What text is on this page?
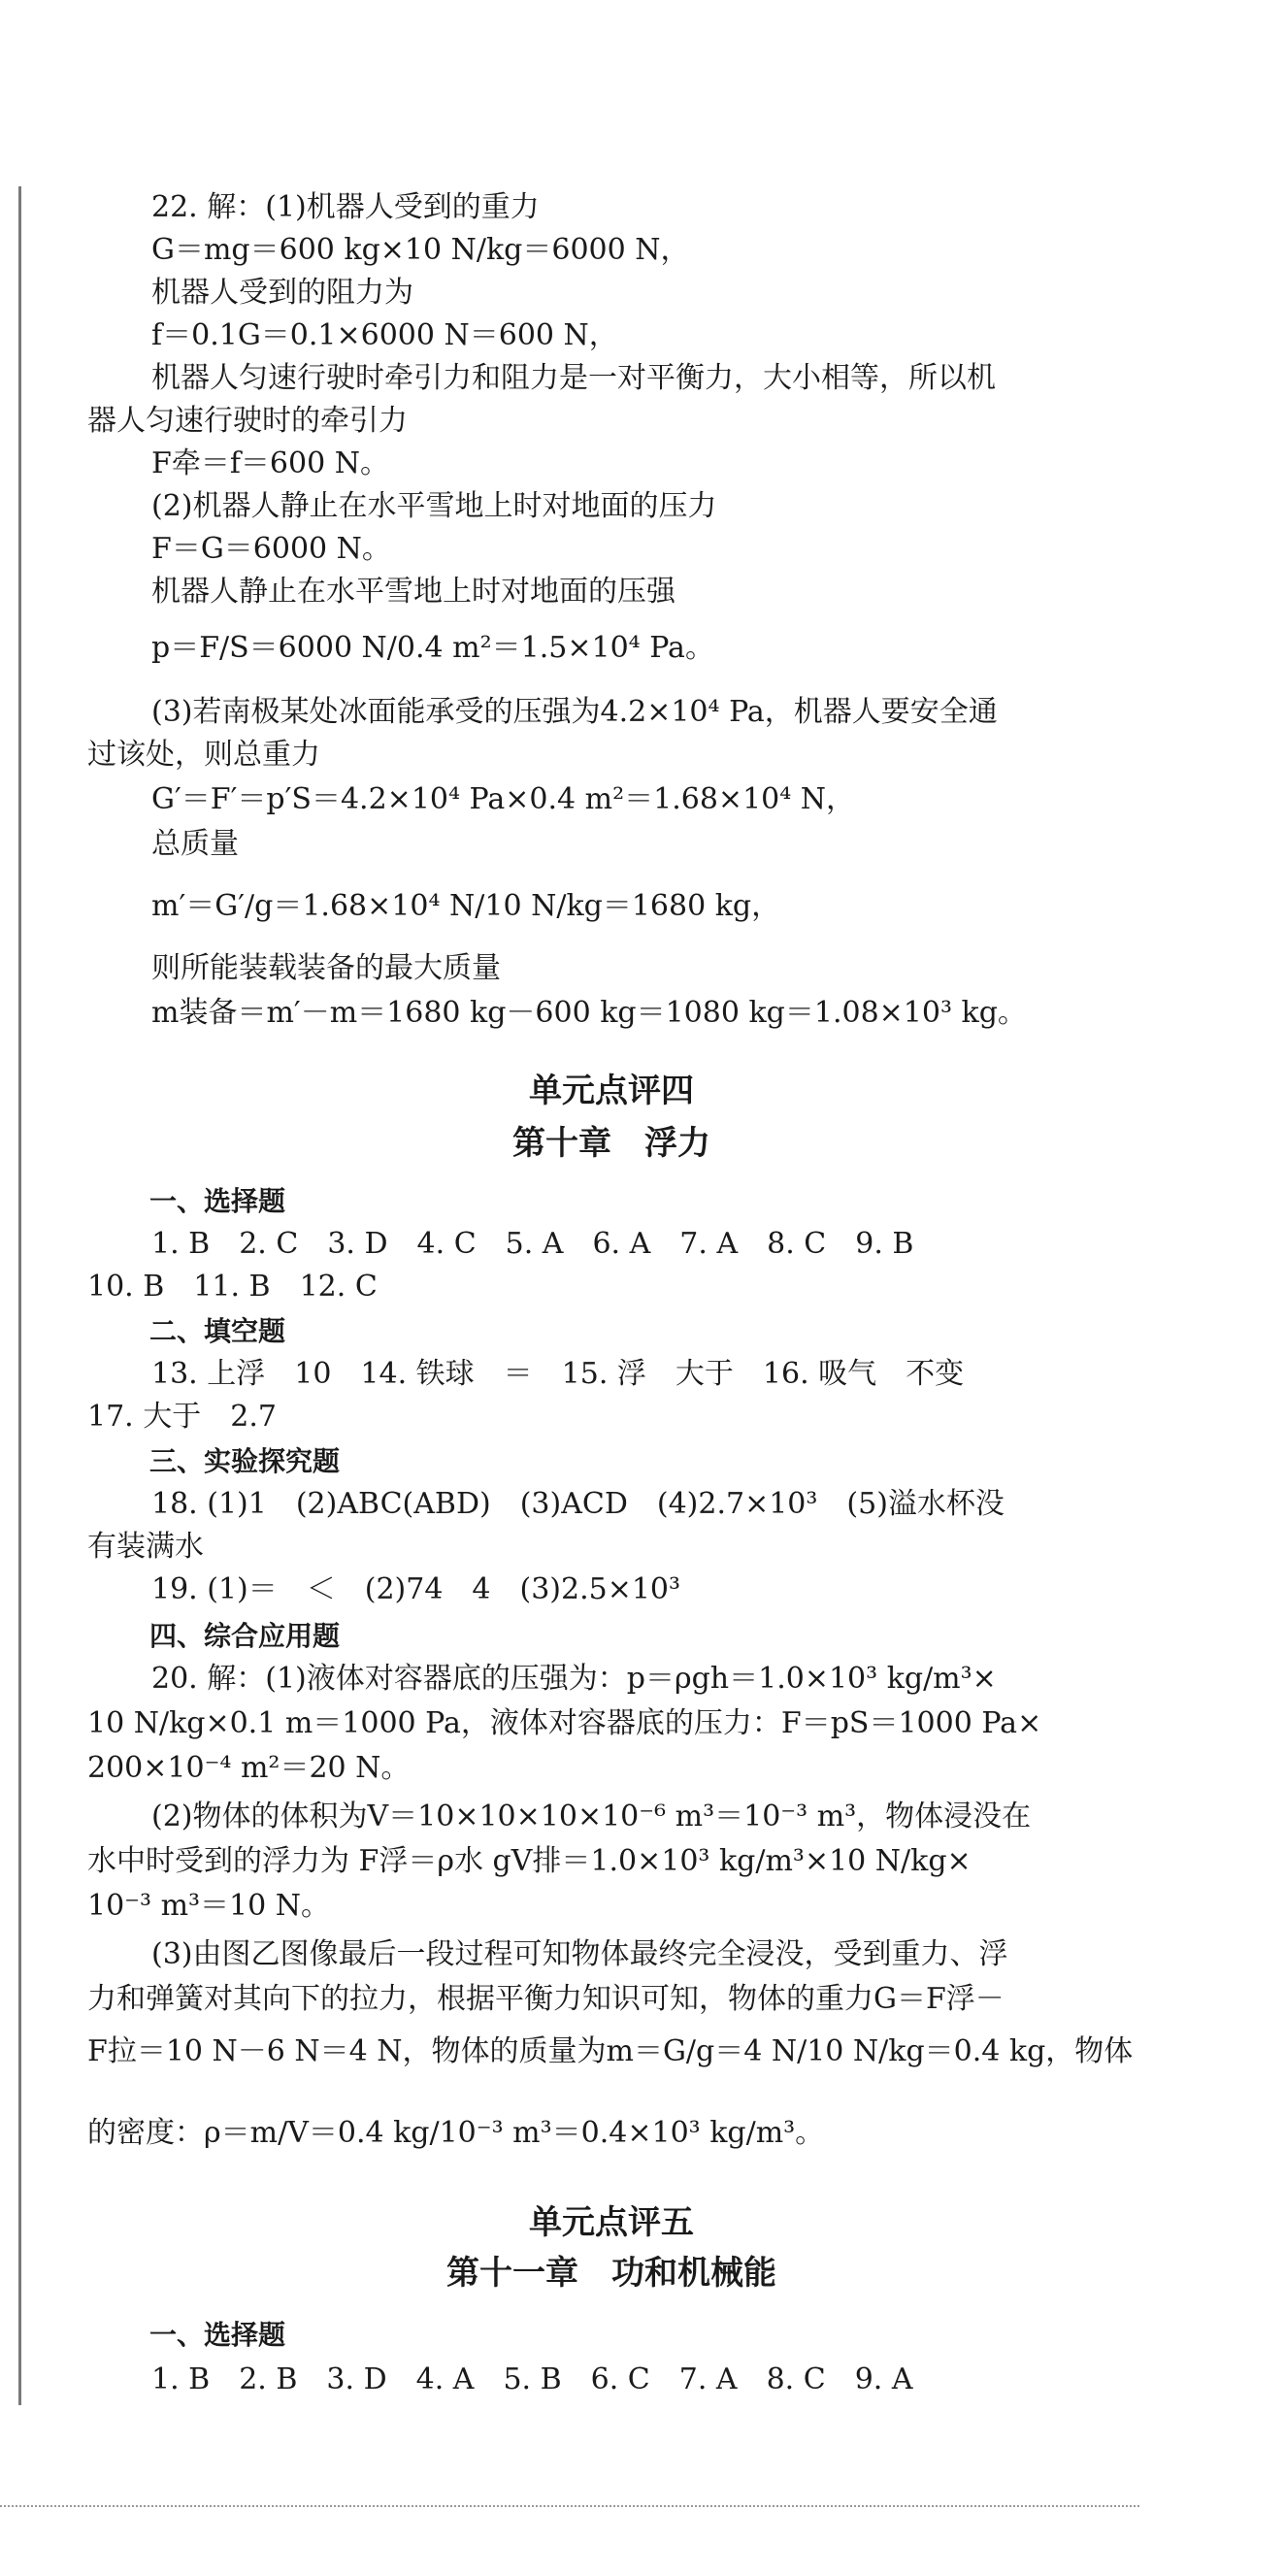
22. 解：(1)机器人受到的重力
G＝mg＝600 kg×10 N/kg＝6000 N，
机器人受到的阻力为
f＝0.1G＝0.1×6000 N＝600 N，
机器人匀速行驶时牵引力和阻力是一对平衡力，大小相等，所以机
器人匀速行驶时的牵引力
F牵＝f＝600 N。
(2)机器人静止在水平雪地上时对地面的压力
F＝G＝6000 N。
机器人静止在水平雪地上时对地面的压强
p＝F/S＝6000 N/0.4 m²＝1.5×10⁴ Pa。
(3)若南极某处冰面能承受的压强为4.2×10⁴ Pa，机器人要安全通
过该处，则总重力
G′＝F′＝p′S＝4.2×10⁴ Pa×0.4 m²＝1.68×10⁴ N，
总质量
m′＝G′/g＝1.68×10⁴ N/10 N/kg＝1680 kg，
则所能装载装备的最大质量
m装备＝m′－m＝1680 kg－600 kg＝1080 kg＝1.08×10³ kg。
单元点评四
第十章　浮力
一、选择题
1. B　2. C　3. D　4. C　5. A　6. A　7. A　8. C　9. B
10. B　11. B　12. C
二、填空题
13. 上浮　10　14. 铁球　＝　15. 浮　大于　16. 吸气　不变
17. 大于　2.7
三、实验探究题
18. (1)1　(2)ABC(ABD)　(3)ACD　(4)2.7×10³　(5)溢水杯没
有装满水
19. (1)＝　＜　(2)74　4　(3)2.5×10³
四、综合应用题
20. 解：(1)液体对容器底的压强为：p＝ρgh＝1.0×10³ kg/m³×
10 N/kg×0.1 m＝1000 Pa，液体对容器底的压力：F＝pS＝1000 Pa×
200×10⁻⁴ m²＝20 N。
(2)物体的体积为V＝10×10×10×10⁻⁶ m³＝10⁻³ m³，物体浸没在
水中时受到的浮力为 F浮＝ρ水 gV排＝1.0×10³ kg/m³×10 N/kg×
10⁻³ m³＝10 N。
(3)由图乙图像最后一段过程可知物体最终完全浸没，受到重力、浮
力和弹簧对其向下的拉力，根据平衡力知识可知，物体的重力G＝F浮－
F拉＝10 N－6 N＝4 N，物体的质量为m＝G/g＝4 N/10 N/kg＝0.4 kg，物体
的密度：ρ＝m/V＝0.4 kg/10⁻³ m³＝0.4×10³ kg/m³。
单元点评五
第十一章　功和机械能
一、选择题
1. B　2. B　3. D　4. A　5. B　6. C　7. A　8. C　9. A
